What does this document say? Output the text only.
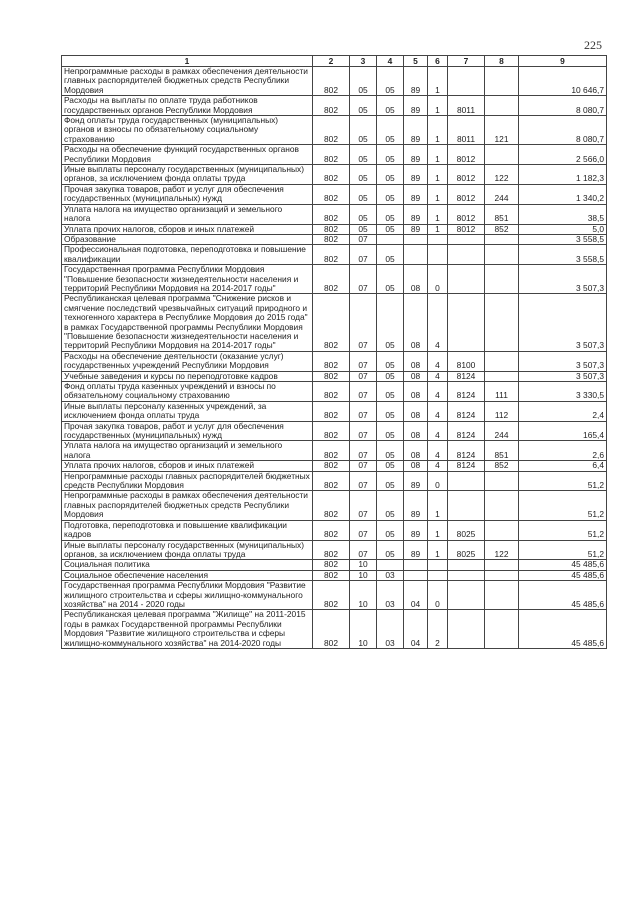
225
1	2	3	4	5	6	7	8	9
Непрограммные расходы в рамках обеспечения деятельности главных распорядителей бюджетных средств Республики Мордовия	802	05	05	89	1			10 646,7
Расходы на выплаты по оплате труда работников государственных органов Республики Мордовия	802	05	05	89	1	8011		8 080,7
Фонд оплаты труда государственных (муниципальных) органов и взносы по обязательному социальному страхованию	802	05	05	89	1	8011	121	8 080,7
Расходы на обеспечение функций государственных органов Республики Мордовия	802	05	05	89	1	8012		2 566,0
Иные выплаты персоналу государственных (муниципальных) органов, за исключением фонда оплаты труда	802	05	05	89	1	8012	122	1 182,3
Прочая закупка товаров, работ и услуг для обеспечения государственных (муниципальных) нужд	802	05	05	89	1	8012	244	1 340,2
Уплата налога на имущество организаций и земельного налога	802	05	05	89	1	8012	851	38,5
Уплата прочих налогов, сборов и иных платежей	802	05	05	89	1	8012	852	5,0
Образование	802	07						3 558,5
Профессиональная подготовка, переподготовка и повышение квалификации	802	07	05					3 558,5
Государственная программа Республики Мордовия "Повышение безопасности жизнедеятельности населения и территорий Республики Мордовия на 2014-2017 годы"	802	07	05	08	0			3 507,3
Республиканская целевая программа "Снижение рисков и смягчение последствий чрезвычайных ситуаций природного и техногенного характера в Республике Мордовия до 2015 года" в рамках Государственной программы Республики Мордовия "Повышение безопасности жизнедеятельности населения и территорий Республики Мордовия на 2014-2017 годы"	802	07	05	08	4			3 507,3
Расходы на обеспечение деятельности (оказание услуг) государственных учреждений Республики Мордовия	802	07	05	08	4	8100		3 507,3
Учебные заведения и курсы по переподготовке кадров	802	07	05	08	4	8124		3 507,3
Фонд оплаты труда казенных учреждений и взносы по обязательному социальному страхованию	802	07	05	08	4	8124	111	3 330,5
Иные выплаты персоналу казенных учреждений, за исключением фонда оплаты труда	802	07	05	08	4	8124	112	2,4
Прочая закупка товаров, работ и услуг для обеспечения государственных (муниципальных) нужд	802	07	05	08	4	8124	244	165,4
Уплата налога на имущество организаций и земельного налога	802	07	05	08	4	8124	851	2,6
Уплата прочих налогов, сборов и иных платежей	802	07	05	08	4	8124	852	6,4
Непрограммные расходы главных распорядителей бюджетных средств Республики Мордовия	802	07	05	89	0			51,2
Непрограммные расходы в рамках обеспечения деятельности главных распорядителей бюджетных средств Республики Мордовия	802	07	05	89	1			51,2
Подготовка, переподготовка и повышение квалификации кадров	802	07	05	89	1	8025		51,2
Иные выплаты персоналу государственных (муниципальных) органов, за исключением фонда оплаты труда	802	07	05	89	1	8025	122	51,2
Социальная политика	802	10						45 485,6
Социальное обеспечение населения	802	10	03					45 485,6
Государственная программа Республики Мордовия "Развитие жилищного строительства и сферы жилищно-коммунального хозяйства" на 2014 - 2020 годы	802	10	03	04	0			45 485,6
Республиканская целевая программа "Жилище" на 2011-2015 годы в рамках Государственной программы Республики Мордовия "Развитие жилищного строительства и сферы жилищно-коммунального хозяйства" на 2014-2020 годы	802	10	03	04	2			45 485,6
